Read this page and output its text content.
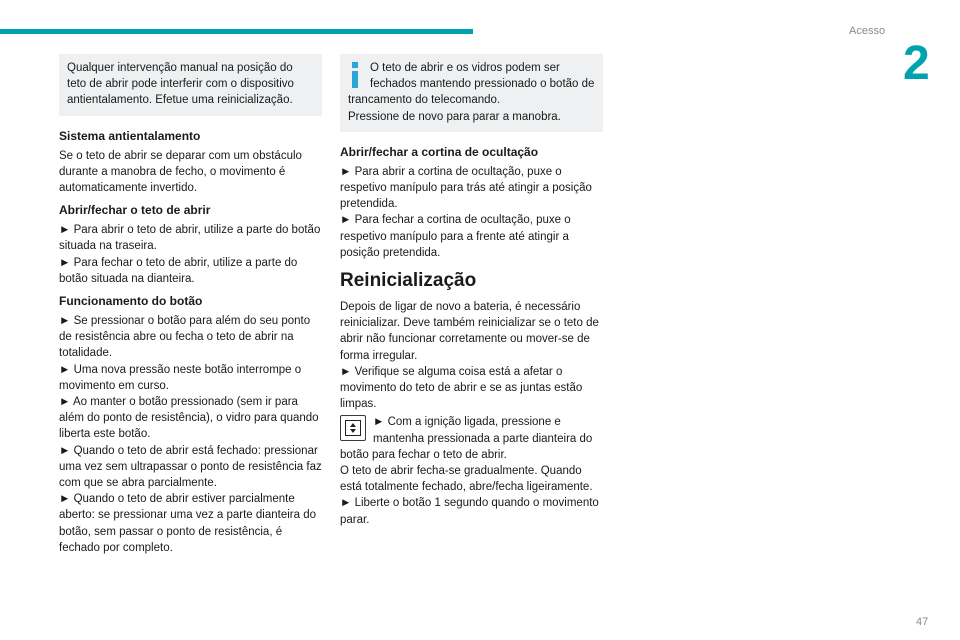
Acesso
2
Qualquer intervenção manual na posição do teto de abrir pode interferir com o dispositivo antientalamento. Efetue uma reinicialização.
Sistema antientalamento

Se o teto de abrir se deparar com um obstáculo durante a manobra de fecho, o movimento é automaticamente invertido.

Abrir/fechar o teto de abrir

► Para abrir o teto de abrir, utilize a parte do botão situada na traseira.

► Para fechar o teto de abrir, utilize a parte do botão situada na dianteira.

Funcionamento do botão

► Se pressionar o botão para além do seu ponto de resistência abre ou fecha o teto de abrir na totalidade.

► Uma nova pressão neste botão interrompe o movimento em curso.

► Ao manter o botão pressionado (sem ir para além do ponto de resistência), o vidro para quando liberta este botão.

► Quando o teto de abrir está fechado: pressionar uma vez sem ultrapassar o ponto de resistência faz com que se abra parcialmente.

► Quando o teto de abrir estiver parcialmente aberto: se pressionar uma vez a parte dianteira do botão, sem passar o ponto de resistência, é fechado por completo.

O teto de abrir e os vidros podem ser fechados mantendo pressionado o botão de trancamento do telecomando.
Pressione de novo para parar a manobra.
Abrir/fechar a cortina de ocultação

► Para abrir a cortina de ocultação, puxe o respetivo manípulo para trás até atingir a posição pretendida.

► Para fechar a cortina de ocultação, puxe o respetivo manípulo para a frente até atingir a posição pretendida.

Reinicialização

Depois de ligar de novo a bateria, é necessário reinicializar. Deve também reinicializar se o teto de abrir não funcionar corretamente ou mover-se de forma irregular.

► Verifique se alguma coisa está a afetar o movimento do teto de abrir e se as juntas estão limpas.

► Com a ignição ligada, pressione e mantenha pressionada a parte dianteira do botão para fechar o teto de abrir.

O teto de abrir fecha-se gradualmente. Quando está totalmente fechado, abre/fecha ligeiramente.

► Liberte o botão 1 segundo quando o movimento parar.

47
